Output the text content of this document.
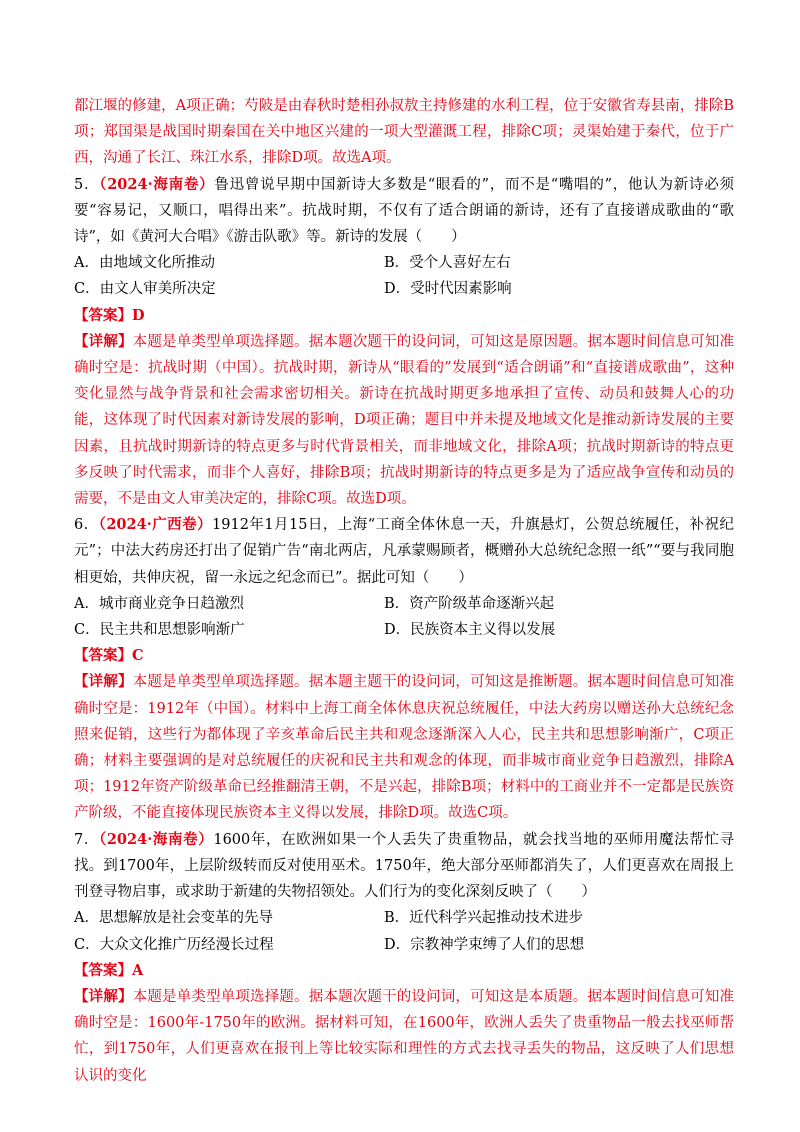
都江堰的修建，A项正确；芍陂是由春秋时楚相孙叔敖主持修建的水利工程，位于安徽省寿县南，排除B项；郑国渠是战国时期秦国在关中地区兴建的一项大型灌溉工程，排除C项；灵渠始建于秦代，位于广西，沟通了长江、珠江水系，排除D项。故选A项。

5．（2024·海南卷）鲁迅曾说早期中国新诗大多数是“眼看的”，而不是“嘴唱的”，他认为新诗必须要“容易记，又顺口，唱得出来”。抗战时期，不仅有了适合朗诵的新诗，还有了直接谱成歌曲的“歌诗”，如《黄河大合唱》《游击队歌》等。新诗的发展（　　）

A．由地域文化所推动	B．受个人喜好左右
C．由文人审美所决定	D．受时代因素影响

【答案】D

【详解】本题是单类型单项选择题。据本题次题干的设问词，可知这是原因题。据本题时间信息可知准确时空是：抗战时期（中国）。抗战时期，新诗从“眼看的”发展到“适合朗诵”和“直接谱成歌曲”，这种变化显然与战争背景和社会需求密切相关。新诗在抗战时期更多地承担了宣传、动员和鼓舞人心的功能，这体现了时代因素对新诗发展的影响，D项正确；题目中并未提及地域文化是推动新诗发展的主要因素，且抗战时期新诗的特点更多与时代背景相关，而非地域文化，排除A项；抗战时期新诗的特点更多反映了时代需求，而非个人喜好，排除B项；抗战时期新诗的特点更多是为了适应战争宣传和动员的需要，不是由文人审美决定的，排除C项。故选D项。

6．（2024·广西卷）1912年1月15日，上海“工商全体休息一天，升旗悬灯，公贺总统履任，补祝纪元”；中法大药房还打出了促销广告“南北两店，凡承蒙赐顾者，概赠孙大总统纪念照一纸”“要与我同胞相更始，共伸庆祝，留一永远之纪念而已”。据此可知（　　）

A．城市商业竞争日趋激烈	B．资产阶级革命逐渐兴起
C．民主共和思想影响渐广	D．民族资本主义得以发展

【答案】C

【详解】本题是单类型单项选择题。据本题主题干的设问词，可知这是推断题。据本题时间信息可知准确时空是：1912年（中国）。材料中上海工商全体休息庆祝总统履任，中法大药房以赠送孙大总统纪念照来促销，这些行为都体现了辛亥革命后民主共和观念逐渐深入人心，民主共和思想影响渐广，C项正确；材料主要强调的是对总统履任的庆祝和民主共和观念的体现，而非城市商业竞争日趋激烈，排除A项；1912年资产阶级革命已经推翻清王朝，不是兴起，排除B项；材料中的工商业并不一定都是民族资产阶级，不能直接体现民族资本主义得以发展，排除D项。故选C项。

7．（2024·海南卷）1600年，在欧洲如果一个人丢失了贵重物品，就会找当地的巫师用魔法帮忙寻找。到1700年，上层阶级转而反对使用巫术。1750年，绝大部分巫师都消失了，人们更喜欢在周报上刊登寻物启事，或求助于新建的失物招领处。人们行为的变化深刻反映了（　　）

A．思想解放是社会变革的先导	B．近代科学兴起推动技术进步
C．大众文化推广历经漫长过程	D．宗教神学束缚了人们的思想

【答案】A

【详解】本题是单类型单项选择题。据本题次题干的设问词，可知这是本质题。据本题时间信息可知准确时空是：1600年-1750年的欧洲。据材料可知，在1600年，欧洲人丢失了贵重物品一般去找巫师帮忙，到1750年，人们更喜欢在报刊上等比较实际和理性的方式去找寻丢失的物品，这反映了人们思想认识的变化
